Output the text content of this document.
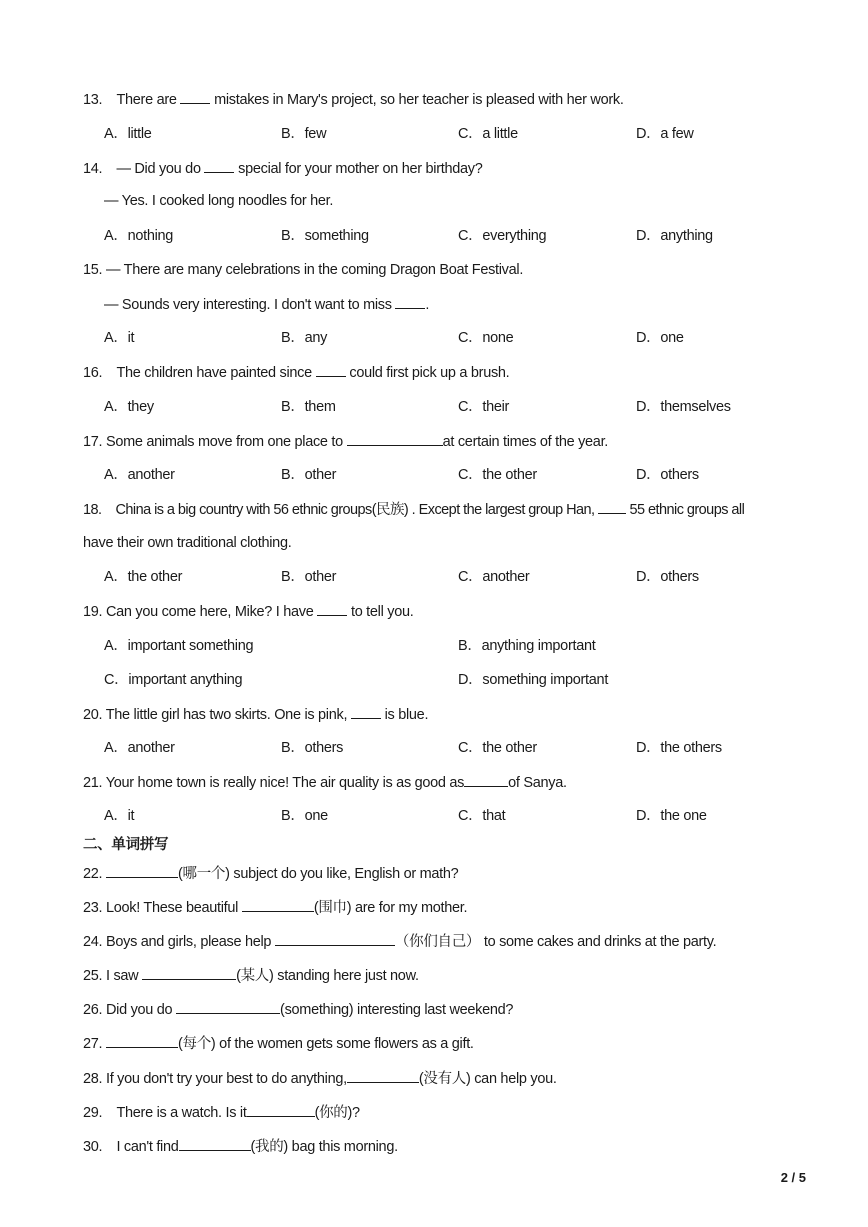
13.　There are  mistakes in Mary's project, so her teacher is pleased with her work.
A．little	B．few	C．a little	D．a few
14.　— Did you do  special for your mother on her birthday?
— Yes. I cooked long noodles for her.
A．nothing	B．something	C．everything	D．anything
15. — There are many celebrations in the coming Dragon Boat Festival.
— Sounds very interesting. I don't want to miss .
A．it	B．any	C．none	D．one
16.　The children have painted since  could first pick up a brush.
A．they	B．them	C．their	D．themselves
17. Some animals move from one place to	at certain times of the year.
A．another	B．other	C．the other	D．others
18.　China is a big country with 56 ethnic groups(民族) . Except the largest group Han,  55 ethnic groups all
have their own traditional clothing.
A．the other	B．other	C．another	D．others
19. Can you come here, Mike? I have  to tell you.
A．important something	B．anything important
C．important anything	D．something important
20. The little girl has two skirts. One is pink,  is blue.
A．another	B．others	C．the other	D．the others
21. Your home town is really nice! The air quality is as good as	of Sanya.
A．it	B．one	C．that	D．the one
二、单词拼写
22.	(哪一个) subject do you like, English or math?
23. Look! These beautiful	(围巾) are for my mother.
24. Boys and girls, please help	（你们自己） to some cakes and drinks at the party.
25. I saw	(某人) standing here just now.
26. Did you do	(something) interesting last weekend?
27.	(每个) of the women gets some flowers as a gift.
28. If you don't try your best to do anything,	(没有人) can help you.
29.　There is a watch. Is it	(你的)?
30.　I can't find	(我的) bag this morning.
2 / 5
